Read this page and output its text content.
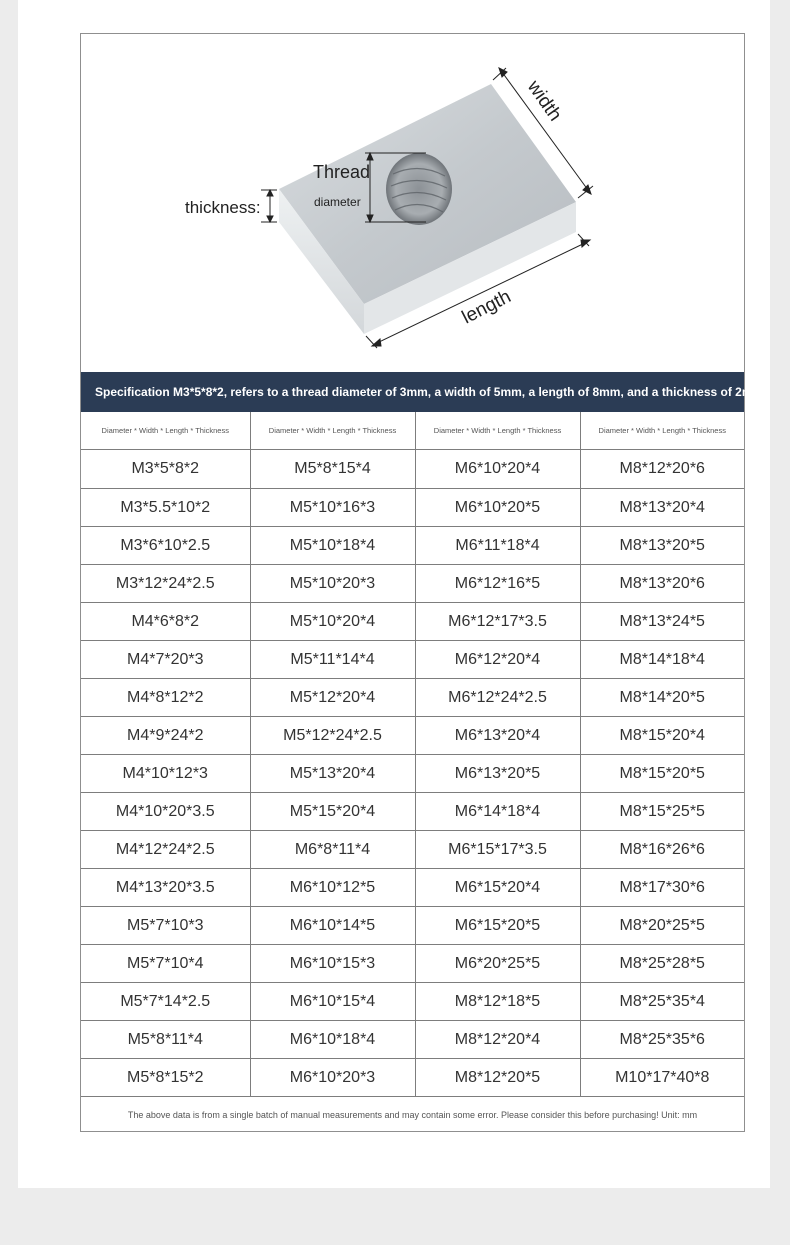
Thread
diameter
thickness:
width
length
Specification M3*5*8*2, refers to a thread diameter of 3mm, a width of 5mm, a length of 8mm, and a thickness of 2mm.
Diameter * Width * Length * Thickness	Diameter * Width * Length * Thickness	Diameter * Width * Length * Thickness	Diameter * Width * Length * Thickness
M3*5*8*2	M5*8*15*4	M6*10*20*4	M8*12*20*6
M3*5.5*10*2	M5*10*16*3	M6*10*20*5	M8*13*20*4
M3*6*10*2.5	M5*10*18*4	M6*11*18*4	M8*13*20*5
M3*12*24*2.5	M5*10*20*3	M6*12*16*5	M8*13*20*6
M4*6*8*2	M5*10*20*4	M6*12*17*3.5	M8*13*24*5
M4*7*20*3	M5*11*14*4	M6*12*20*4	M8*14*18*4
M4*8*12*2	M5*12*20*4	M6*12*24*2.5	M8*14*20*5
M4*9*24*2	M5*12*24*2.5	M6*13*20*4	M8*15*20*4
M4*10*12*3	M5*13*20*4	M6*13*20*5	M8*15*20*5
M4*10*20*3.5	M5*15*20*4	M6*14*18*4	M8*15*25*5
M4*12*24*2.5	M6*8*11*4	M6*15*17*3.5	M8*16*26*6
M4*13*20*3.5	M6*10*12*5	M6*15*20*4	M8*17*30*6
M5*7*10*3	M6*10*14*5	M6*15*20*5	M8*20*25*5
M5*7*10*4	M6*10*15*3	M6*20*25*5	M8*25*28*5
M5*7*14*2.5	M6*10*15*4	M8*12*18*5	M8*25*35*4
M5*8*11*4	M6*10*18*4	M8*12*20*4	M8*25*35*6
M5*8*15*2	M6*10*20*3	M8*12*20*5	M10*17*40*8
The above data is from a single batch of manual measurements and may contain some error. Please consider this before purchasing! Unit: mm			
